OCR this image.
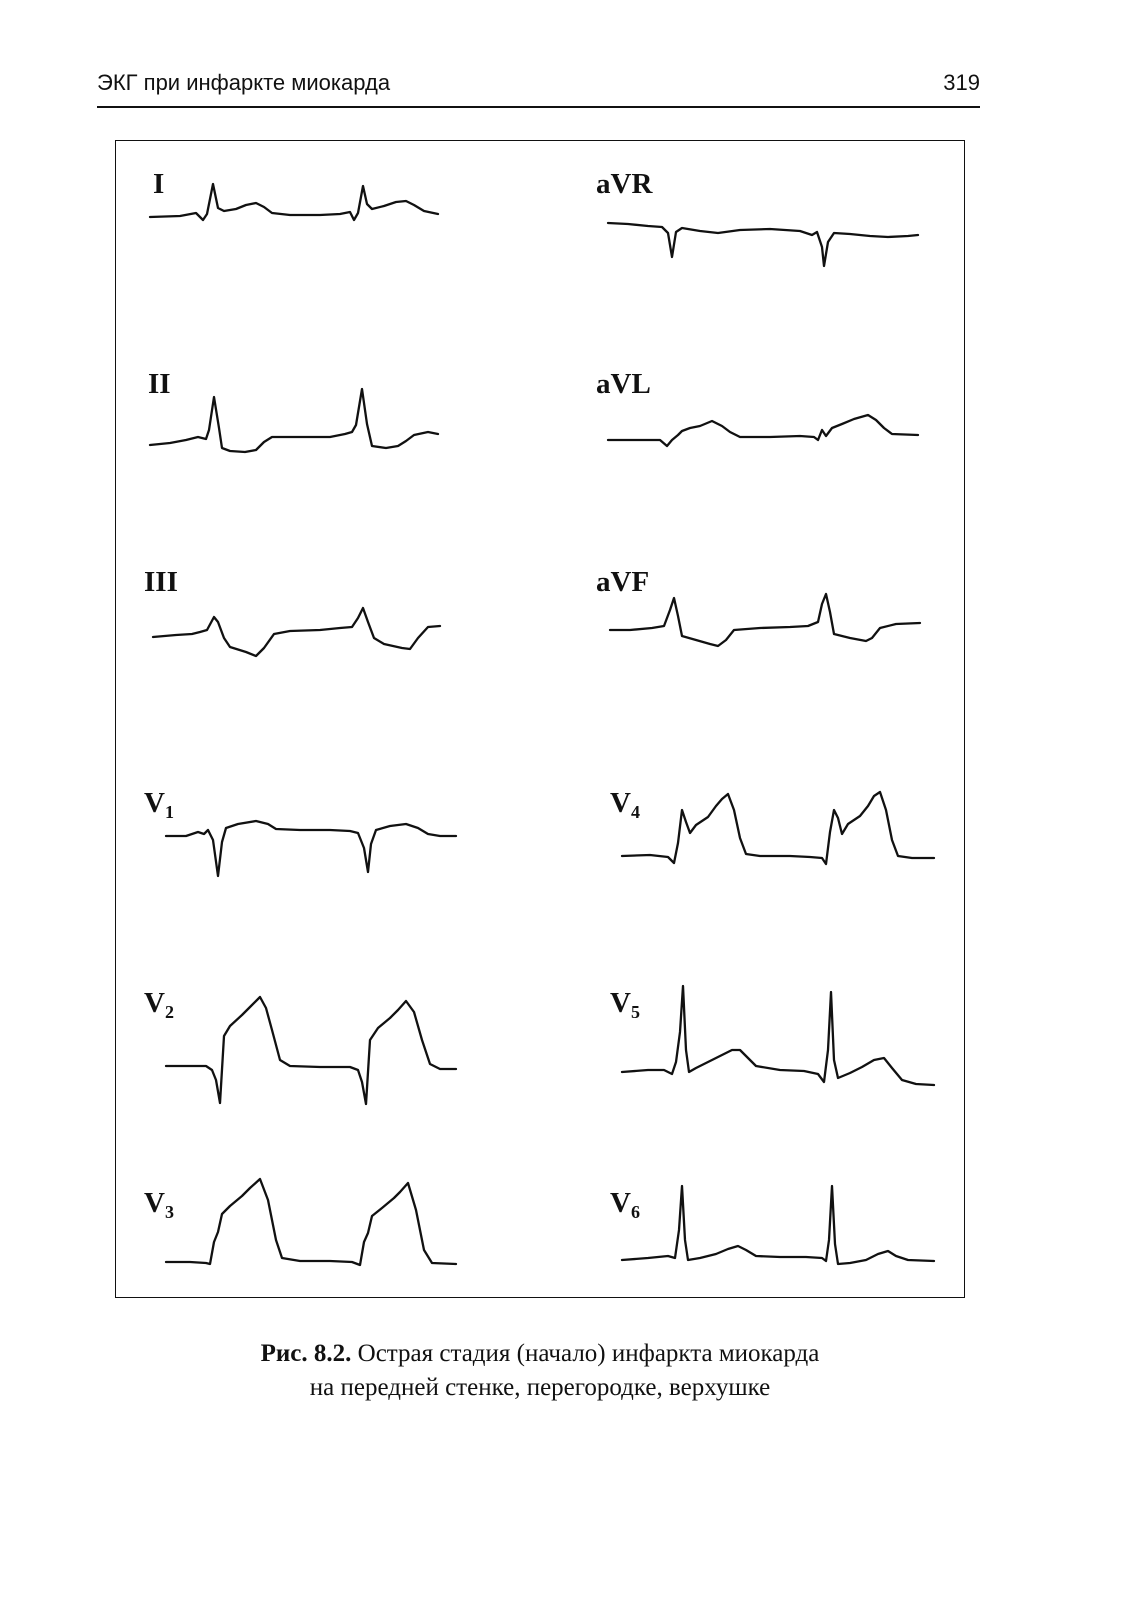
ЭКГ при инфаркте миокарда	319
I
II
III
$V_1$
$V_2$
$V_3$
aVR
aVL
aVF
$V_4$
$V_5$
$V_6$
Рис. 8.2. Острая стадия (начало) инфаркта миокарда
на передней стенке, перегородке, верхушке
